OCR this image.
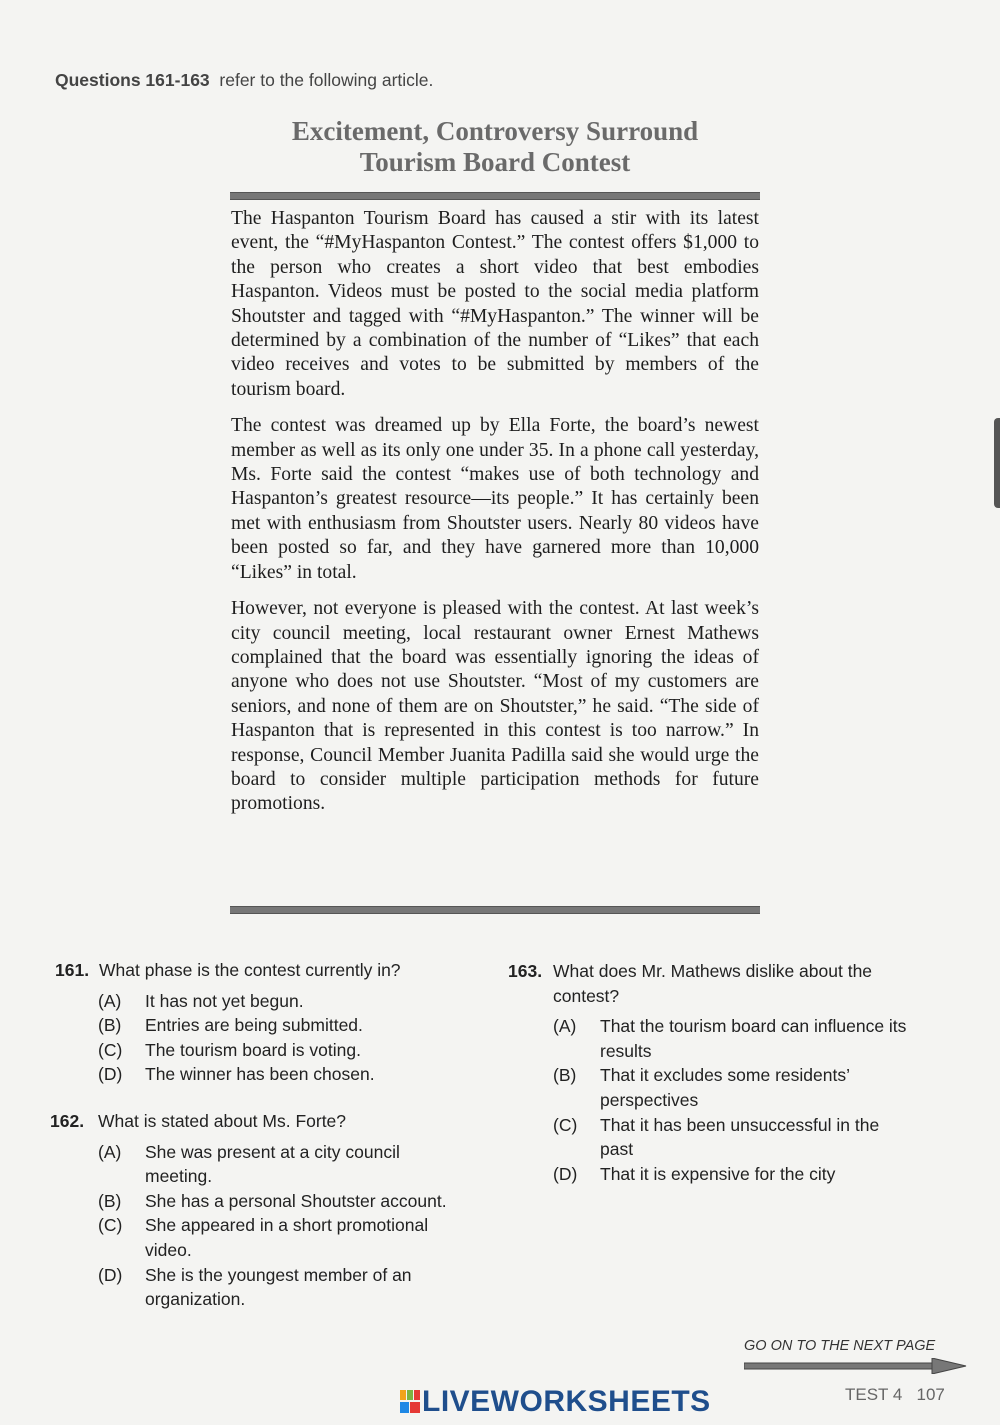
Questions 161-163 refer to the following article.
Excitement, Controversy Surround
Tourism Board Contest

The Haspanton Tourism Board has caused a stir with its latest event, the “#MyHaspanton Contest.” The contest offers $1,000 to the person who creates a short video that best embodies Haspanton. Videos must be posted to the social media platform Shoutster and tagged with “#MyHaspanton.” The winner will be determined by a combination of the number of “Likes” that each video receives and votes to be submitted by members of the tourism board.

The contest was dreamed up by Ella Forte, the board’s newest member as well as its only one under 35. In a phone call yesterday, Ms. Forte said the contest “makes use of both technology and Haspanton’s greatest resource—its people.” It has certainly been met with enthusiasm from Shoutster users. Nearly 80 videos have been posted so far, and they have garnered more than 10,000 “Likes” in total.

However, not everyone is pleased with the contest. At last week’s city council meeting, local restaurant owner Ernest Mathews complained that the board was essentially ignoring the ideas of anyone who does not use Shoutster. “Most of my customers are seniors, and none of them are on Shoutster,” he said. “The side of Haspanton that is represented in this contest is too narrow.” In response, Council Member Juanita Padilla said she would urge the board to consider multiple participation methods for future promotions.

161. What phase is the contest currently in?
(A)	It has not yet begun.
(B)	Entries are being submitted.
(C)	The tourism board is voting.
(D)	The winner has been chosen.
162. What is stated about Ms. Forte?
(A)	She was present at a city council meeting.
(B)	She has a personal Shoutster account.
(C)	She appeared in a short promotional video.
(D)	She is the youngest member of an organization.
163. What does Mr. Mathews dislike about the contest?
(A)	That the tourism board can influence its results
(B)	That it excludes some residents’ perspectives
(C)	That it has been unsuccessful in the past
(D)	That it is expensive for the city
GO ON TO THE NEXT PAGE
TEST 4   107
LIVEWORKSHEETS
